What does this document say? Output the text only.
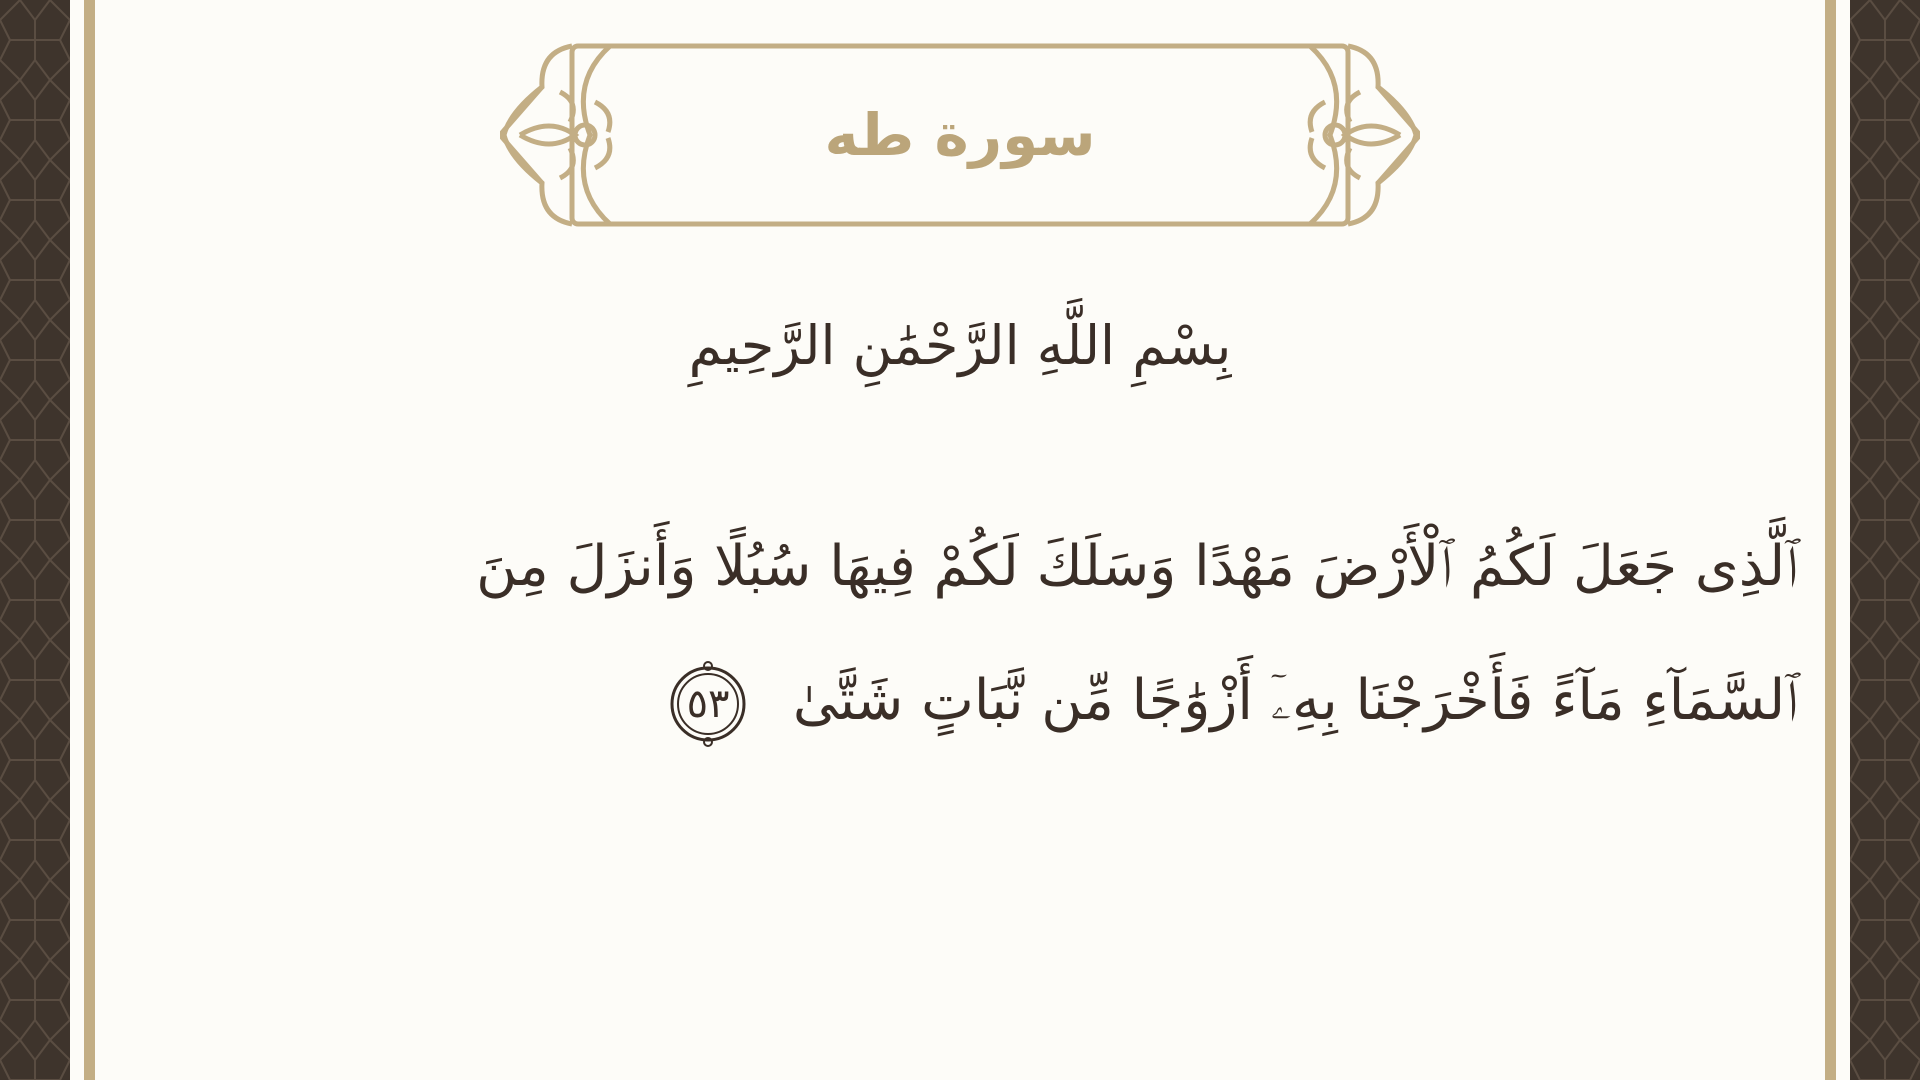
سورة طه
بِسْمِ اللَّهِ الرَّحْمَٰنِ الرَّحِيمِ
ٱلَّذِى جَعَلَ لَكُمُ ٱلْأَرْضَ مَهْدًا وَسَلَكَ لَكُمْ فِيهَا سُبُلًا وَأَنزَلَ مِنَ ٱلسَّمَآءِ مَآءً فَأَخْرَجْنَا بِهِۦٓ أَزْوَٰجًا مِّن نَّبَاتٍ شَتَّىٰ
٥٣
